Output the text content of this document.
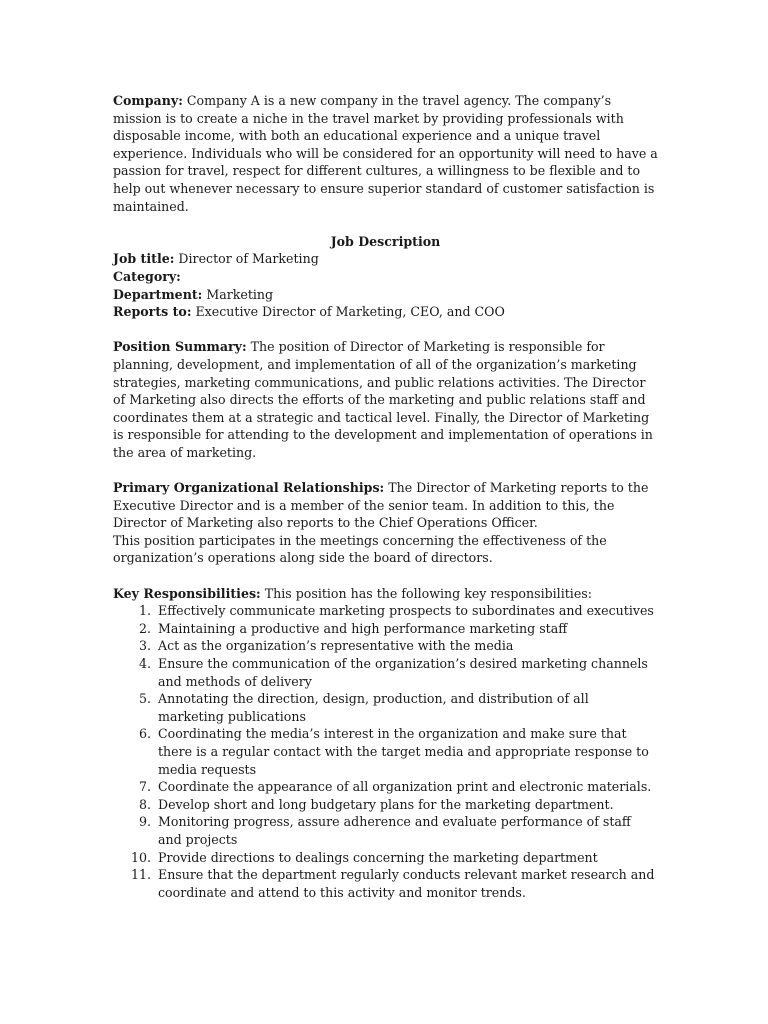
Company: Company A is a new company in the travel agency. The company’s mission is to create a niche in the travel market by providing professionals with disposable income, with both an educational experience and a unique travel experience. Individuals who will be considered for an opportunity will need to have a passion for travel, respect for different cultures, a willingness to be flexible and to help out whenever necessary to ensure superior standard of customer satisfaction is maintained.

Job Description

Job title: Director of Marketing

Category:

Department: Marketing

Reports to: Executive Director of Marketing, CEO, and COO

Position Summary: The position of Director of Marketing is responsible for planning, development, and implementation of all of the organization’s marketing strategies, marketing communications, and public relations activities. The Director of Marketing also directs the efforts of the marketing and public relations staff and coordinates them at a strategic and tactical level. Finally, the Director of Marketing is responsible for attending to the development and implementation of operations in the area of marketing.

Primary Organizational Relationships: The Director of Marketing reports to the Executive Director and is a member of the senior team. In addition to this, the Director of Marketing also reports to the Chief Operations Officer.

This position participates in the meetings concerning the effectiveness of the organization’s operations along side the board of directors.

Key Responsibilities: This position has the following key responsibilities:

1. Effectively communicate marketing prospects to subordinates and executives
2. Maintaining a productive and high performance marketing staff
3. Act as the organization’s representative with the media
4. Ensure the communication of the organization’s desired marketing channels and methods of delivery
5. Annotating the direction, design, production, and distribution of all marketing publications
6. Coordinating the media’s interest in the organization and make sure that there is a regular contact with the target media and appropriate response to media requests
7. Coordinate the appearance of all organization print and electronic materials.
8. Develop short and long budgetary plans for the marketing department.
9. Monitoring progress, assure adherence and evaluate performance of staff and projects
10. Provide directions to dealings concerning the marketing department
11. Ensure that the department regularly conducts relevant market research and coordinate and attend to this activity and monitor trends.
